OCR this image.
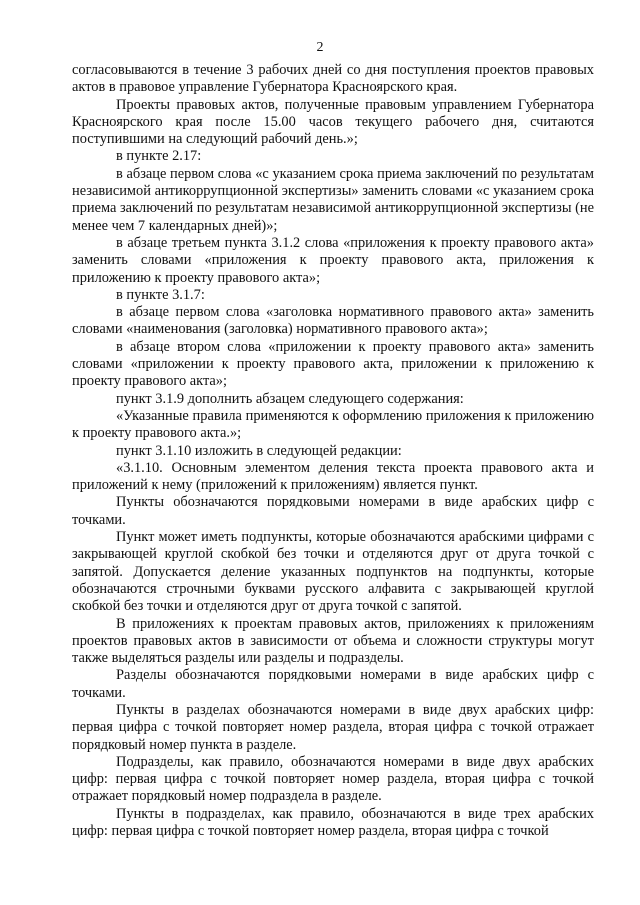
2

согласовываются в течение 3 рабочих дней со дня поступления проектов правовых актов в правовое управление Губернатора Красноярского края.

Проекты правовых актов, полученные правовым управлением Губернатора Красноярского края после 15.00 часов текущего рабочего дня, считаются поступившими на следующий рабочий день.»;

в пункте 2.17:

в абзаце первом слова «с указанием срока приема заключений по результатам независимой антикоррупционной экспертизы» заменить словами «с указанием срока приема заключений по результатам независимой антикоррупционной экспертизы (не менее чем 7 календарных дней)»;

в абзаце третьем пункта 3.1.2 слова «приложения к проекту правового акта» заменить словами «приложения к проекту правового акта, приложения к приложению к проекту правового акта»;

в пункте 3.1.7:

в абзаце первом слова «заголовка нормативного правового акта» заменить словами «наименования (заголовка) нормативного правового акта»;

в абзаце втором слова «приложении к проекту правового акта» заменить словами «приложении к проекту правового акта, приложении к приложению к проекту правового акта»;

пункт 3.1.9 дополнить абзацем следующего содержания:

«Указанные правила применяются к оформлению приложения к приложению к проекту правового акта.»;

пункт 3.1.10 изложить в следующей редакции:

«3.1.10. Основным элементом деления текста проекта правового акта и приложений к нему (приложений к приложениям) является пункт.

Пункты обозначаются порядковыми номерами в виде арабских цифр с точками.

Пункт может иметь подпункты, которые обозначаются арабскими цифрами с закрывающей круглой скобкой без точки и отделяются друг от друга точкой с запятой. Допускается деление указанных подпунктов на подпункты, которые обозначаются строчными буквами русского алфавита с закрывающей круглой скобкой без точки и отделяются друг от друга точкой с запятой.

В приложениях к проектам правовых актов, приложениях к приложениям проектов правовых актов в зависимости от объема и сложности структуры могут также выделяться разделы или разделы и подразделы.

Разделы обозначаются порядковыми номерами в виде арабских цифр с точками.

Пункты в разделах обозначаются номерами в виде двух арабских цифр: первая цифра с точкой повторяет номер раздела, вторая цифра с точкой отражает порядковый номер пункта в разделе.

Подразделы, как правило, обозначаются номерами в виде двух арабских цифр: первая цифра с точкой повторяет номер раздела, вторая цифра с точкой отражает порядковый номер подраздела в разделе.

Пункты в подразделах, как правило, обозначаются в виде трех арабских цифр: первая цифра с точкой повторяет номер раздела, вторая цифра с точкой
